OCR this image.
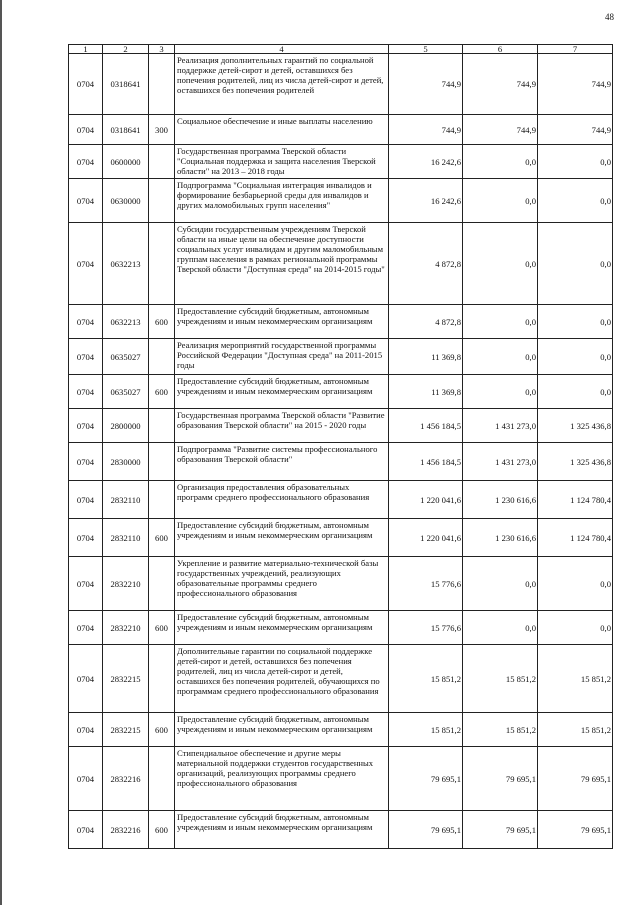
48
1	2	3	4	5	6	7
0704	0318641		Реализация дополнительных гарантий по социальной поддержке детей-сирот и детей, оставшихся без попечения родителей, лиц из числа детей-сирот и детей, оставшихся без попечения родителей	744,9	744,9	744,9
0704	0318641	300	Социальное обеспечение и иные выплаты населению	744,9	744,9	744,9
0704	0600000		Государственная программа Тверской области "Социальная поддержка и защита населения Тверской области" на 2013 – 2018 годы	16 242,6	0,0	0,0
0704	0630000		Подпрограмма "Социальная интеграция инвалидов и формирование безбарьерной среды для инвалидов и других маломобильных групп населения"	16 242,6	0,0	0,0
0704	0632213		Субсидии государственным учреждениям Тверской области на иные цели на обеспечение доступности социальных услуг инвалидам и другим маломобильным группам населения в рамках региональной программы Тверской области "Доступная среда" на 2014-2015 годы"	4 872,8	0,0	0,0
0704	0632213	600	Предоставление субсидий бюджетным, автономным учреждениям и иным некоммерческим организациям	4 872,8	0,0	0,0
0704	0635027		Реализация мероприятий государственной программы Российской Федерации "Доступная среда" на 2011-2015 годы	11 369,8	0,0	0,0
0704	0635027	600	Предоставление субсидий бюджетным, автономным учреждениям и иным некоммерческим организациям	11 369,8	0,0	0,0
0704	2800000		Государственная программа Тверской области "Развитие образования Тверской области" на 2015 - 2020 годы	1 456 184,5	1 431 273,0	1 325 436,8
0704	2830000		Подпрограмма "Развитие системы профессионального образования Тверской области"	1 456 184,5	1 431 273,0	1 325 436,8
0704	2832110		Организация предоставления образовательных программ среднего профессионального образования	1 220 041,6	1 230 616,6	1 124 780,4
0704	2832110	600	Предоставление субсидий бюджетным, автономным учреждениям и иным некоммерческим организациям	1 220 041,6	1 230 616,6	1 124 780,4
0704	2832210		Укрепление и развитие материально-технической базы государственных учреждений, реализующих образовательные программы среднего профессионального образования	15 776,6	0,0	0,0
0704	2832210	600	Предоставление субсидий бюджетным, автономным учреждениям и иным некоммерческим организациям	15 776,6	0,0	0,0
0704	2832215		Дополнительные гарантии по социальной поддержке детей-сирот и детей, оставшихся без попечения родителей, лиц из числа детей-сирот и детей, оставшихся без попечения родителей, обучающихся по программам среднего профессионального образования	15 851,2	15 851,2	15 851,2
0704	2832215	600	Предоставление субсидий бюджетным, автономным учреждениям и иным некоммерческим организациям	15 851,2	15 851,2	15 851,2
0704	2832216		Стипендиальное обеспечение и другие меры материальной поддержки студентов государственных организаций, реализующих программы среднего профессионального образования	79 695,1	79 695,1	79 695,1
0704	2832216	600	Предоставление субсидий бюджетным, автономным учреждениям и иным некоммерческим организациям	79 695,1	79 695,1	79 695,1
